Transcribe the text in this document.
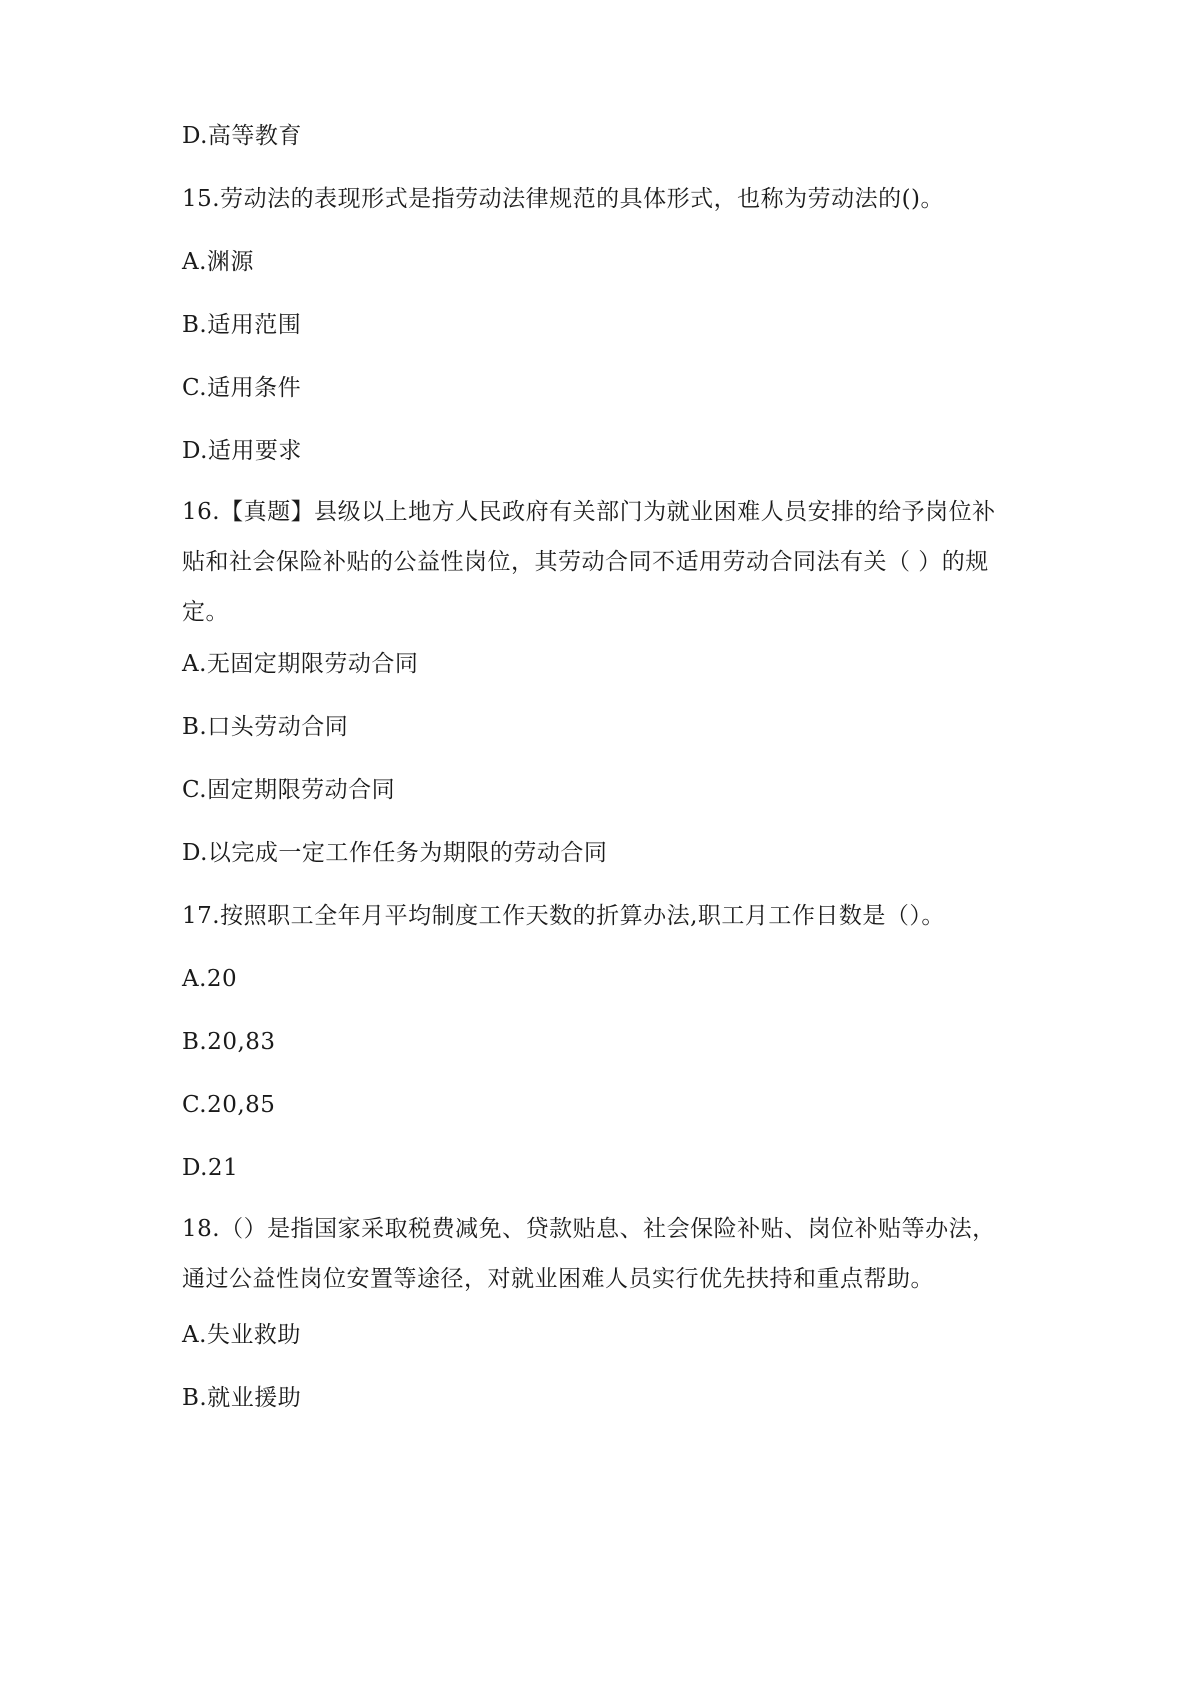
D.高等教育
15.劳动法的表现形式是指劳动法律规范的具体形式，也称为劳动法的()。
A.渊源
B.适用范围
C.适用条件
D.适用要求
16.【真题】县级以上地方人民政府有关部门为就业困难人员安排的给予岗位补
贴和社会保险补贴的公益性岗位，其劳动合同不适用劳动合同法有关（ ）的规
定。
A.无固定期限劳动合同
B.口头劳动合同
C.固定期限劳动合同
D.以完成一定工作任务为期限的劳动合同
17.按照职工全年月平均制度工作天数的折算办法,职工月工作日数是（）。
A.20
B.20,83
C.20,85
D.21
18.（）是指国家采取税费减免、贷款贴息、社会保险补贴、岗位补贴等办法，
通过公益性岗位安置等途径，对就业困难人员实行优先扶持和重点帮助。
A.失业救助
B.就业援助
